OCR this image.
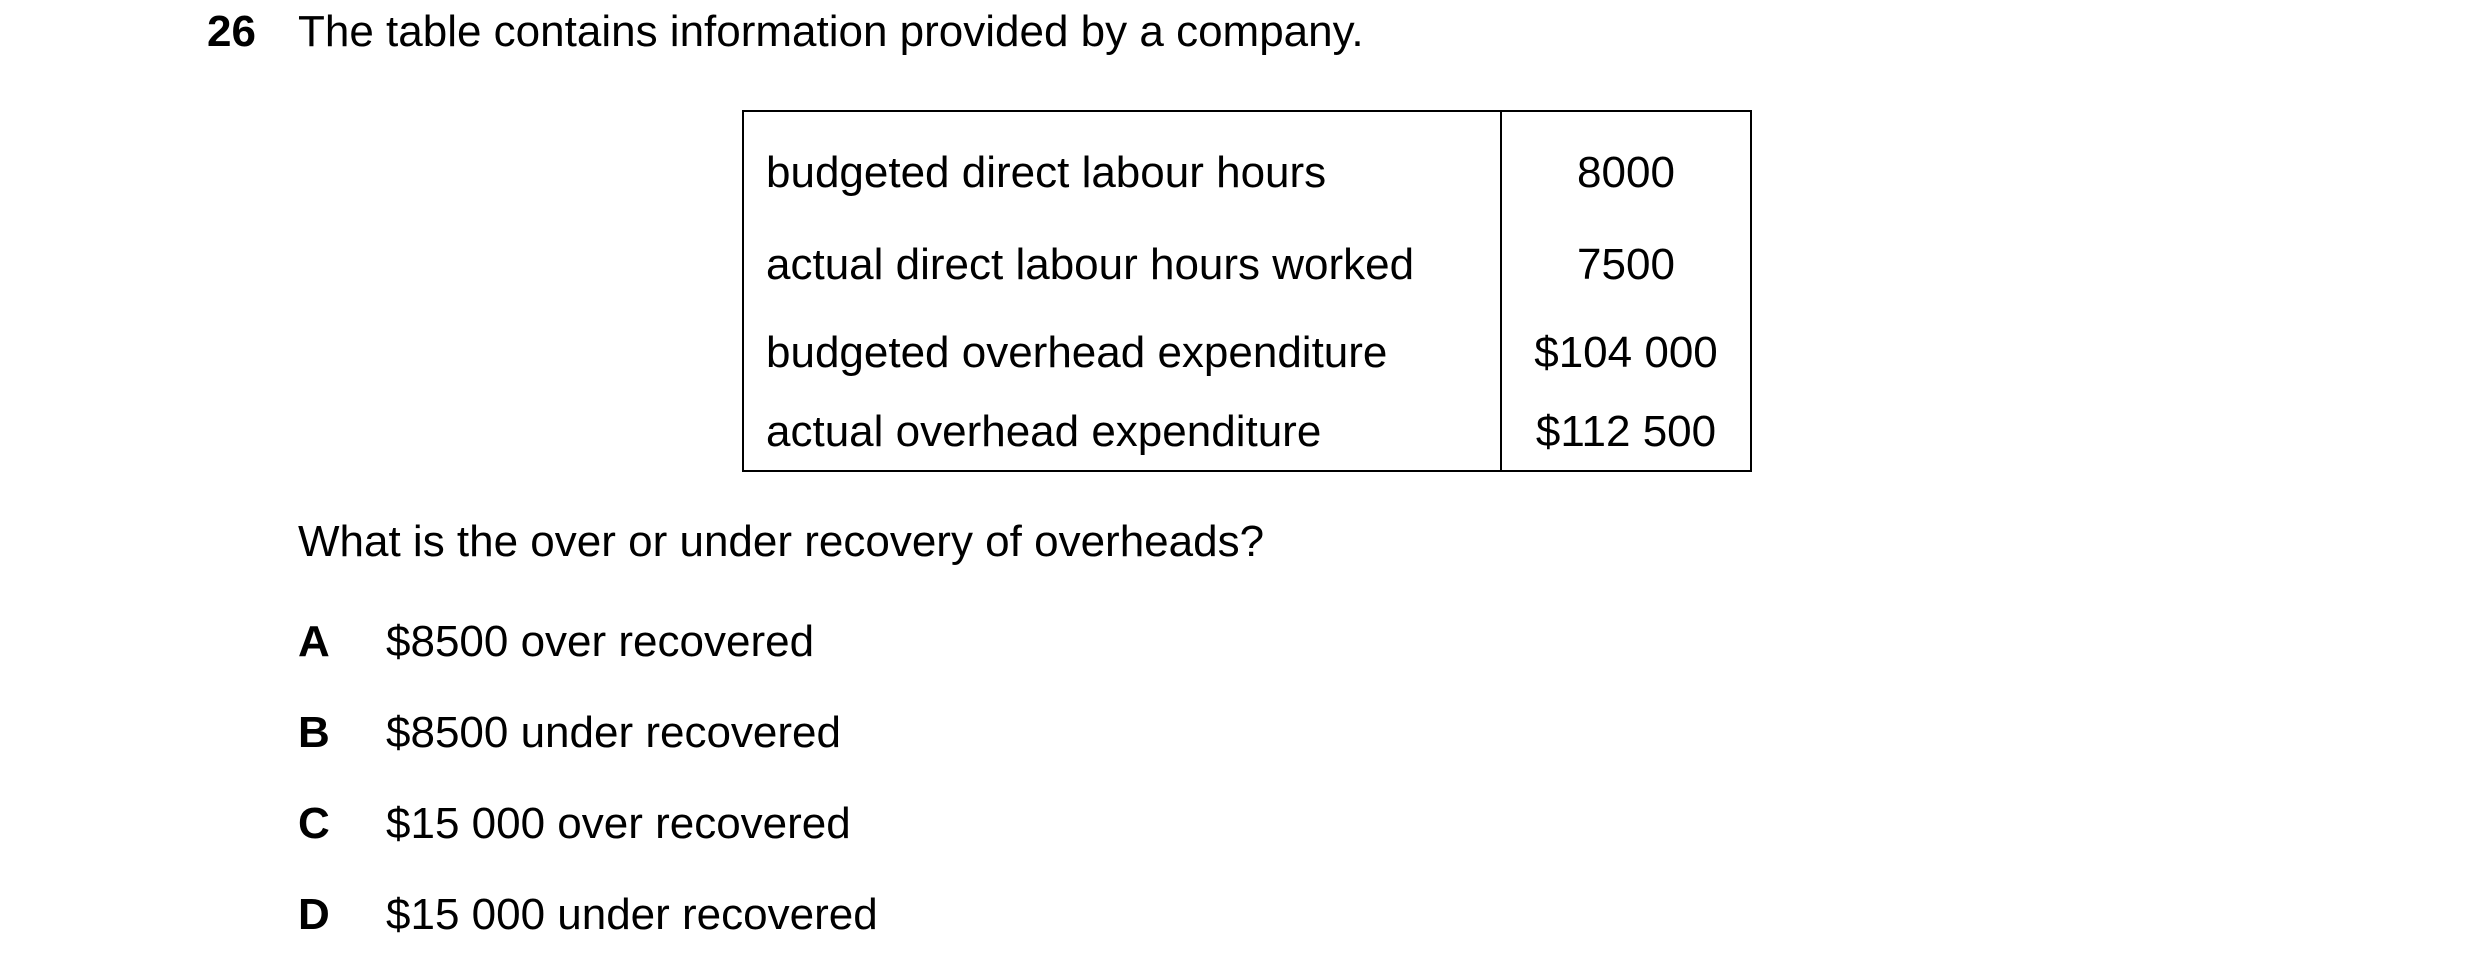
26 The table contains information provided by a company.
budgeted direct labour hours	8000
actual direct labour hours worked	7500
budgeted overhead expenditure	$104 000
actual overhead expenditure	$112 500
What is the over or under recovery of overheads?
A	$8500 over recovered
B	$8500 under recovered
C	$15 000 over recovered
D	$15 000 under recovered
